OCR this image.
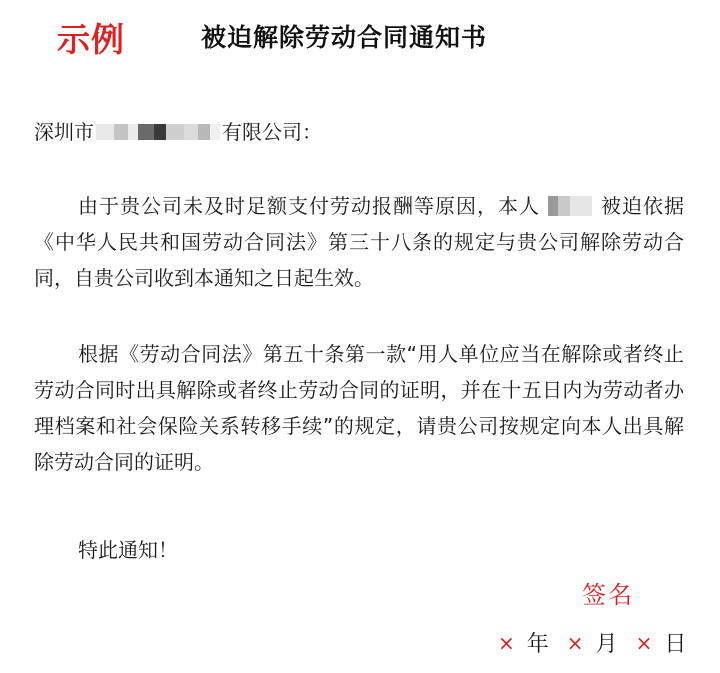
示例	被迫解除劳动合同通知书
深圳市	有限公司：
由于贵公司未及时足额支付劳动报酬等原因，本人	被迫依据《中华人民共和国劳动合同法》第三十八条的规定与贵公司解除劳动合同，自贵公司收到本通知之日起生效。
根据《劳动合同法》第五十条第一款“用人单位应当在解除或者终止劳动合同时出具解除或者终止劳动合同的证明，并在十五日内为劳动者办理档案和社会保险关系转移手续”的规定，请贵公司按规定向本人出具解除劳动合同的证明。
特此通知！
签名
× 年 × 月 × 日
